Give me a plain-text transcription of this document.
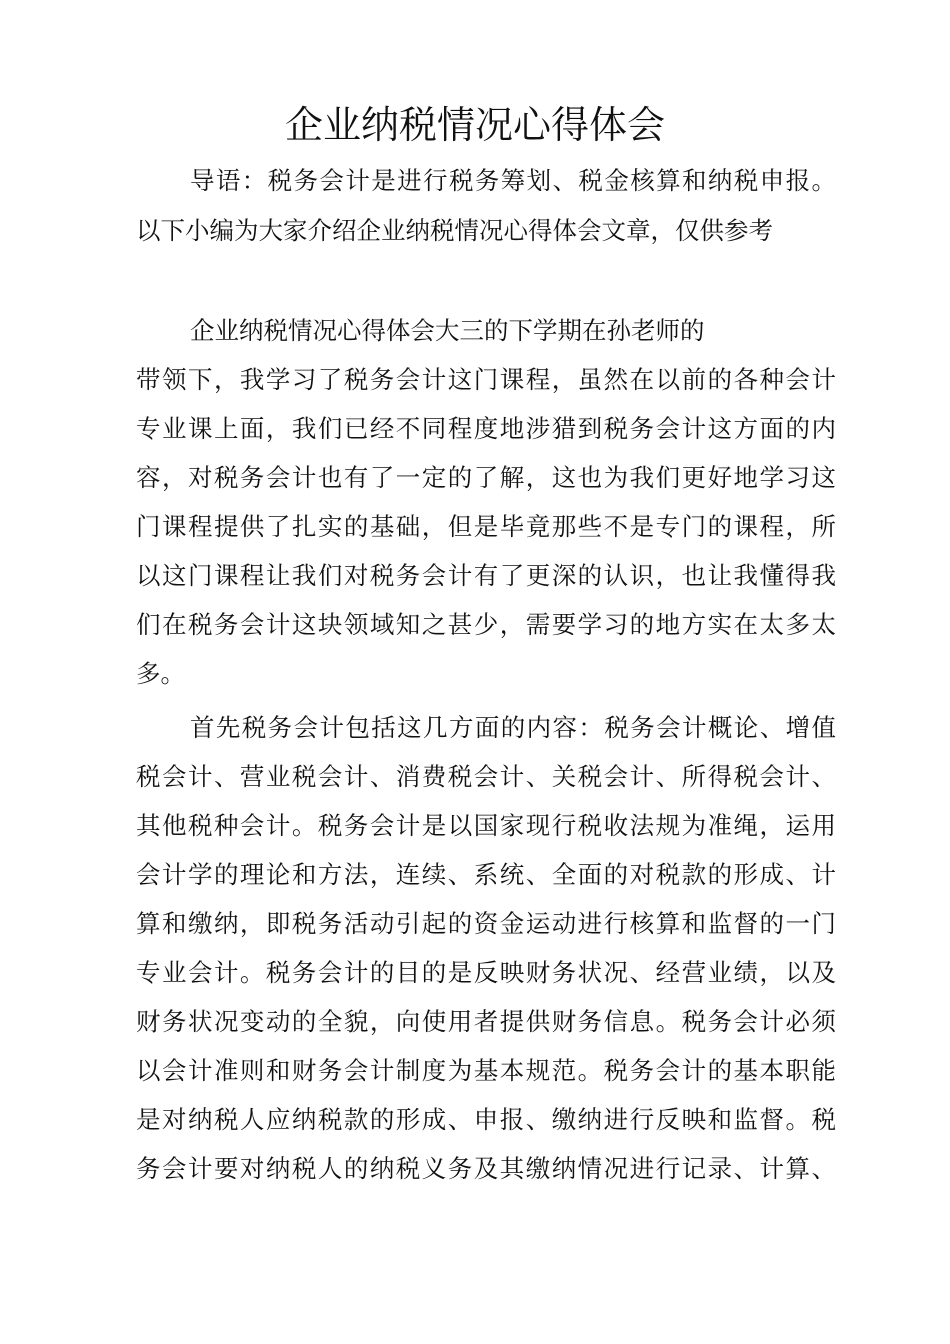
企业纳税情况心得体会

导语：税务会计是进行税务筹划、税金核算和纳税申报。

以下小编为大家介绍企业纳税情况心得体会文章，仅供参考

企业纳税情况心得体会大三的下学期在孙老师的

带领下，我学习了税务会计这门课程，虽然在以前的各种会计

专业课上面，我们已经不同程度地涉猎到税务会计这方面的内

容，对税务会计也有了一定的了解，这也为我们更好地学习这

门课程提供了扎实的基础，但是毕竟那些不是专门的课程，所

以这门课程让我们对税务会计有了更深的认识，也让我懂得我

们在税务会计这块领域知之甚少，需要学习的地方实在太多太

多。

首先税务会计包括这几方面的内容：税务会计概论、增值

税会计、营业税会计、消费税会计、关税会计、所得税会计、

其他税种会计。税务会计是以国家现行税收法规为准绳，运用

会计学的理论和方法，连续、系统、全面的对税款的形成、计

算和缴纳，即税务活动引起的资金运动进行核算和监督的一门

专业会计。税务会计的目的是反映财务状况、经营业绩，以及

财务状况变动的全貌，向使用者提供财务信息。税务会计必须

以会计准则和财务会计制度为基本规范。税务会计的基本职能

是对纳税人应纳税款的形成、申报、缴纳进行反映和监督。税

务会计要对纳税人的纳税义务及其缴纳情况进行记录、计算、
